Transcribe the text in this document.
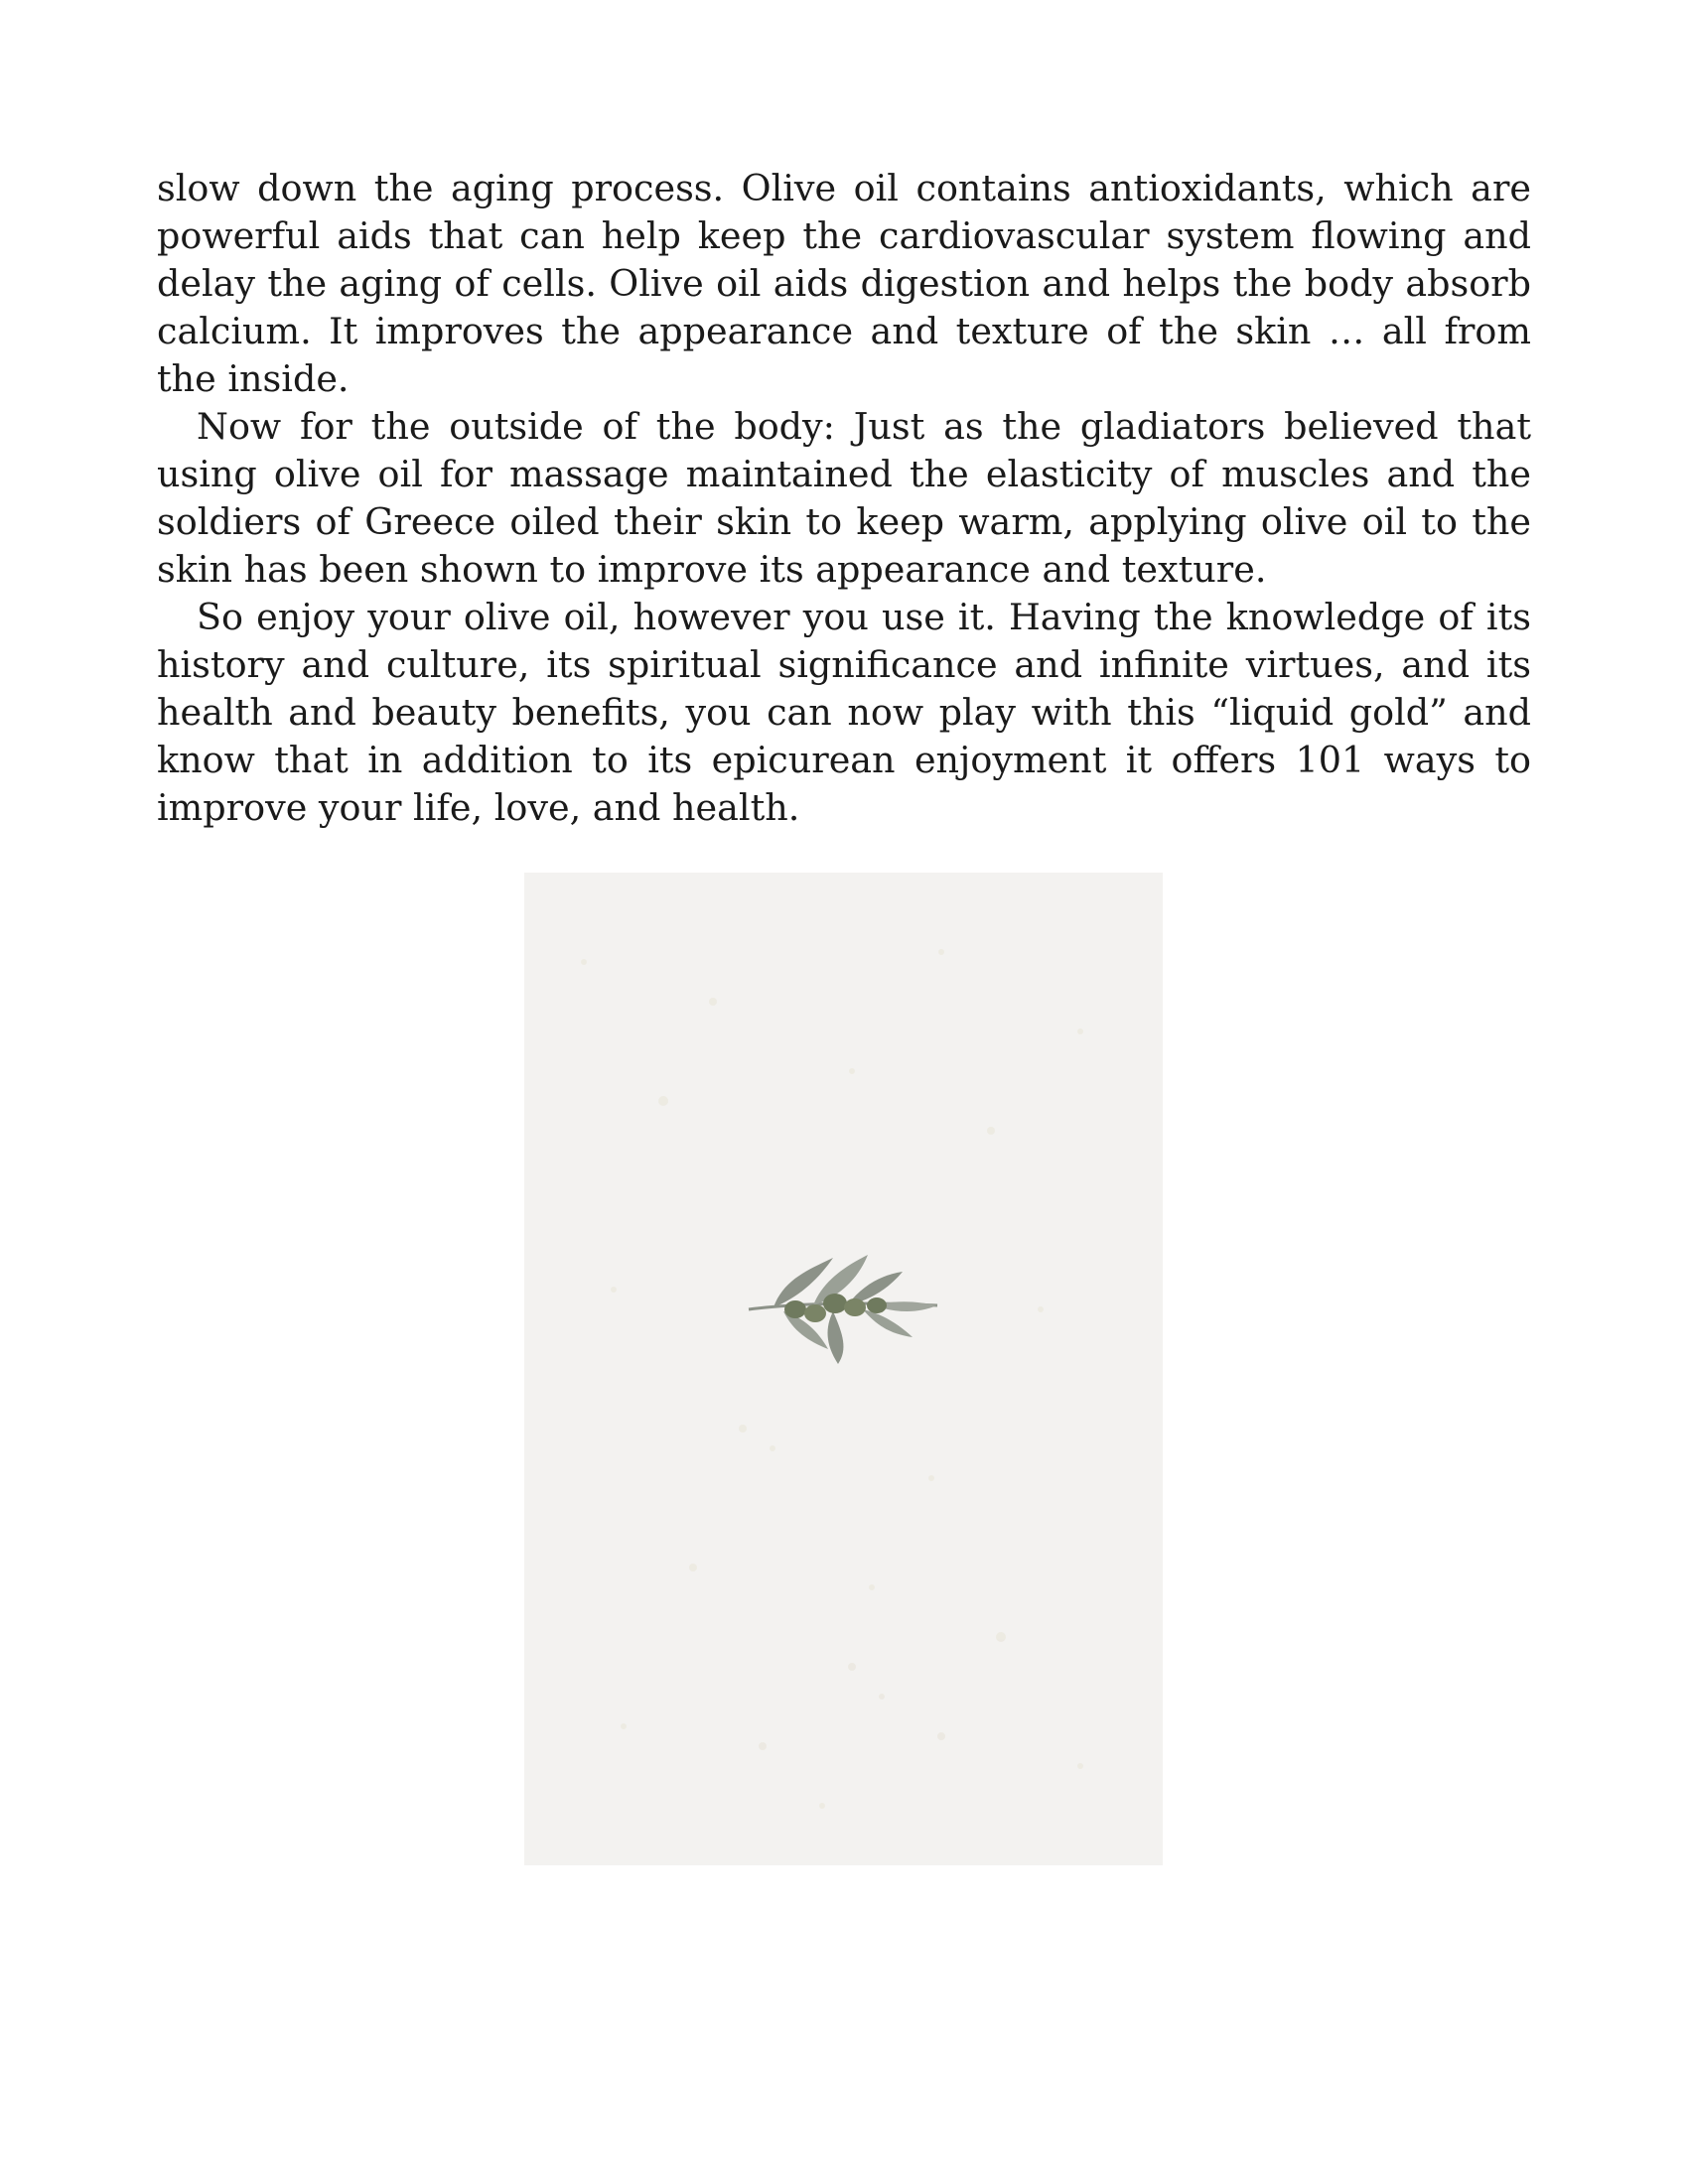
slow down the aging process. Olive oil contains antioxidants, which are powerful aids that can help keep the cardiovascular system flowing and delay the aging of cells. Olive oil aids digestion and helps the body absorb calcium. It improves the appearance and texture of the skin … all from the inside.

Now for the outside of the body: Just as the gladiators believed that using olive oil for massage maintained the elasticity of muscles and the soldiers of Greece oiled their skin to keep warm, applying olive oil to the skin has been shown to improve its appearance and texture.

So enjoy your olive oil, however you use it. Having the knowledge of its history and culture, its spiritual significance and infinite virtues, and its health and beauty benefits, you can now play with this “liquid gold” and know that in addition to its epicurean enjoyment it offers 101 ways to improve your life, love, and health.
